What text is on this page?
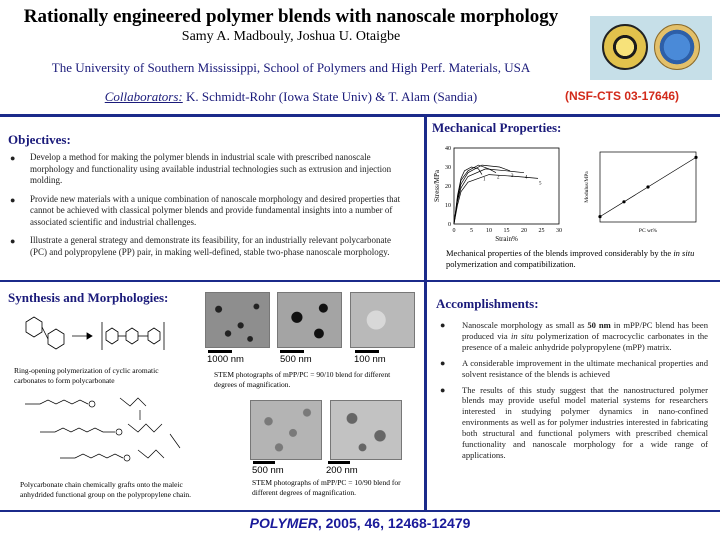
Rationally engineered polymer blends with nanoscale morphology
Samy A. Madbouly, Joshua U. Otaigbe
The University of Southern Mississippi, School of Polymers and High Perf. Materials, USA
Collaborators: K. Schmidt-Rohr (Iowa State Univ) & T. Alam (Sandia)	(NSF-CTS 03-17646)
Objectives:
● Develop a method for making the polymer blends in industrial scale with prescribed nanoscale morphology and functionality using available industrial technologies such as extrusion and injection molding.
● Provide new materials with a unique combination of nanoscale morphology and desired properties that cannot be achieved with classical polymer blends and provide fundamental insights into a number of associated scientific and industrial challenges.
● Illustrate a general strategy and demonstrate its feasibility, for an industrially relevant polycarbonate (PC) and polypropylene (PP) pair, in making well-defined, stable two-phase nanoscale morphology.
Mechanical Properties:
0 5 10 15 20 25 30
0
10
20
30
40
Strain%
Stress/MPa	1 2 3 4
5
PC wt%
Modulus/MPa
Mechanical properties of the blends improved considerably by the in situ polymerization and compatibilization.
Synthesis and Morphologies:
Ring-opening polymerization of cyclic aromatic carbonates to form polycarbonate
Polycarbonate chain chemically grafts onto the maleic anhydrided functional group on the polypropylene chain.
1000 nm	500 nm	100 nm
STEM photographs of mPP/PC = 90/10 blend for different degrees of magnification.
500 nm	200 nm
STEM photographs of mPP/PC = 10/90 blend for different degrees of magnification.
Accomplishments:
● Nanoscale morphology as small as 50 nm in mPP/PC blend has been produced via in situ polymerization of macrocyclic carbonates in the presence of a maleic anhydride polypropylene (mPP) matrix.
● A considerable improvement in the ultimate mechanical properties and solvent resistance of the blends is achieved
● The results of this study suggest that the nanostructured polymer blends may provide useful model material systems for researchers interested in studying polymer dynamics in nano-confined environments as well as for polymer industries interested in fabricating both structural and functional polymers with prescribed chemical functionality and nanoscale morphology for a wide range of applications.
POLYMER, 2005, 46, 12468-12479
